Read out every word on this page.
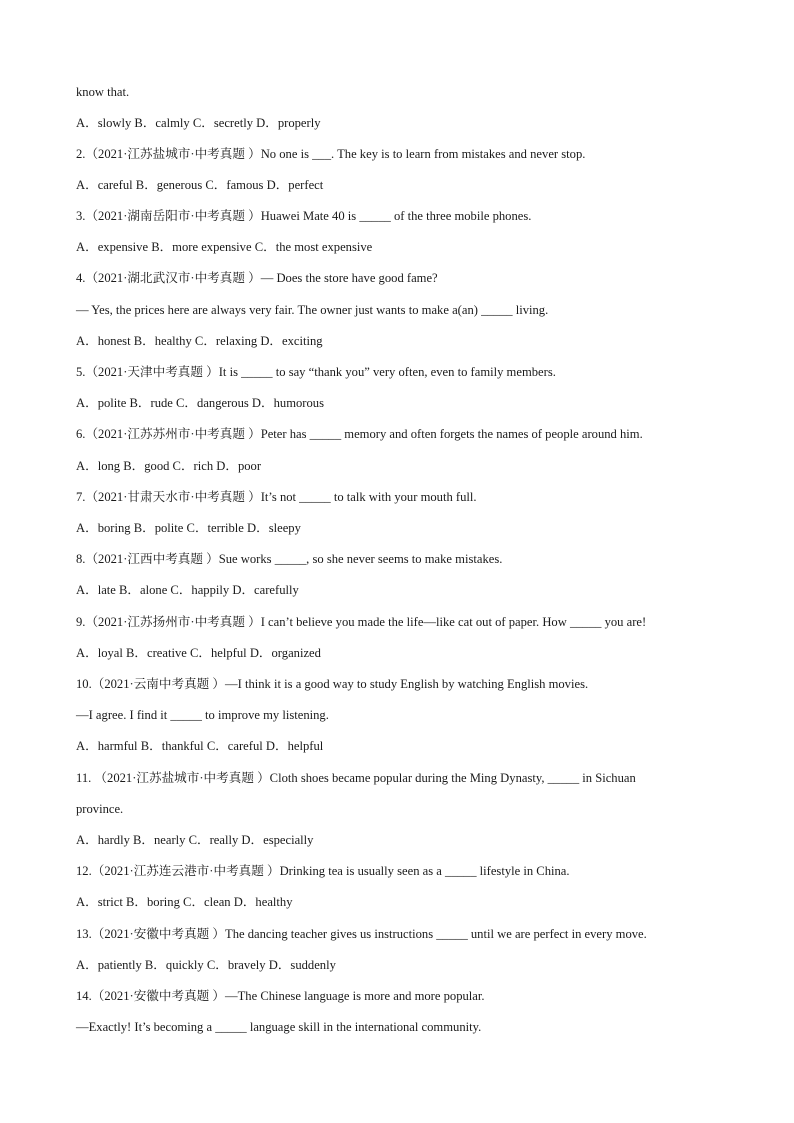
know that.
A．slowly B．calmly C．secretly D．properly
2.（2021·江苏盐城市·中考真题 ）No one is ___. The key is to learn from mistakes and never stop.
A．careful B．generous C．famous D．perfect
3.（2021·湖南岳阳市·中考真题 ）Huawei Mate 40 is _____ of the three mobile phones.
A．expensive B．more expensive C．the most expensive
4.（2021·湖北武汉市·中考真题 ）— Does the store have good fame?
— Yes, the prices here are always very fair. The owner just wants to make a(an) _____ living.
A．honest B．healthy C．relaxing D．exciting
5.（2021·天津中考真题 ）It is _____ to say “thank you” very often, even to family members.
A．polite B．rude C．dangerous D．humorous
6.（2021·江苏苏州市·中考真题 ）Peter has _____ memory and often forgets the names of people around him.
A．long B．good C．rich D．poor
7.（2021·甘肃天水市·中考真题 ）It’s not _____ to talk with your mouth full.
A．boring B．polite C．terrible D．sleepy
8.（2021·江西中考真题 ）Sue works _____, so she never seems to make mistakes.
A．late B．alone C．happily D．carefully
9.（2021·江苏扬州市·中考真题 ）I can’t believe you made the life—like cat out of paper. How _____ you are!
A．loyal B．creative C．helpful D．organized
10.（2021·云南中考真题 ）—I think it is a good way to study English by watching English movies.
—I agree. I find it _____ to improve my listening.
A．harmful B．thankful C．careful D．helpful
11. （2021·江苏盐城市·中考真题 ）Cloth shoes became popular during the Ming Dynasty, _____ in Sichuan
province.
A．hardly B．nearly C．really D．especially
12.（2021·江苏连云港市·中考真题 ）Drinking tea is usually seen as a _____ lifestyle in China.
A．strict B．boring C．clean D．healthy
13.（2021·安徽中考真题 ）The dancing teacher gives us instructions _____ until we are perfect in every move.
A．patiently B．quickly C．bravely D．suddenly
14.（2021·安徽中考真题 ）—The Chinese language is more and more popular.
—Exactly! It’s becoming a _____ language skill in the international community.
